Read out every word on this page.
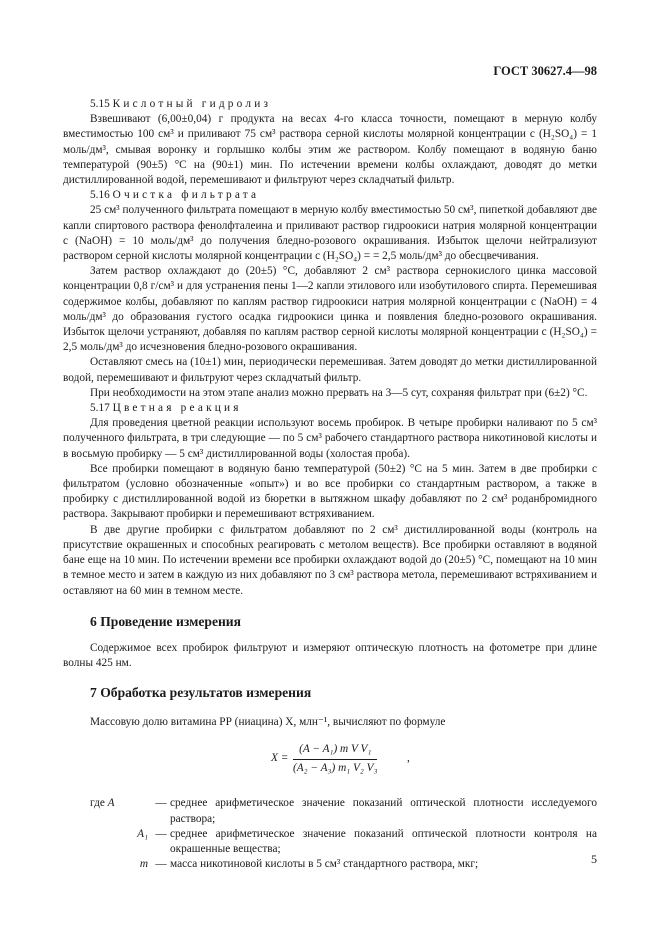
ГОСТ 30627.4—98

5.15 Кислотный гидролиз

Взвешивают (6,00±0,04) г продукта на весах 4-го класса точности, помещают в мерную колбу вместимостью 100 см³ и приливают 75 см³ раствора серной кислоты молярной концентрации c (H₂SO₄) = 1 моль/дм³, смывая воронку и горлышко колбы этим же раствором. Колбу помещают в водяную баню температурой (90±5) °С на (90±1) мин. По истечении времени колбы охлаждают, доводят до метки дистиллированной водой, перемешивают и фильтруют через складчатый фильтр.

5.16 Очистка фильтрата

25 см³ полученного фильтрата помещают в мерную колбу вместимостью 50 см³, пипеткой добавляют две капли спиртового раствора фенолфталеина и приливают раствор гидроокиси натрия молярной концентрации c (NaOH) = 10 моль/дм³ до получения бледно-розового окрашивания. Избыток щелочи нейтрализуют раствором серной кислоты молярной концентрации c (H₂SO₄) = = 2,5 моль/дм³ до обесцвечивания.

Затем раствор охлаждают до (20±5) °С, добавляют 2 см³ раствора сернокислого цинка массовой концентрации 0,8 г/см³ и для устранения пены 1—2 капли этилового или изобутилового спирта. Перемешивая содержимое колбы, добавляют по каплям раствор гидроокиси натрия молярной концентрации c (NaOH) = 4 моль/дм³ до образования густого осадка гидроокиси цинка и появления бледно-розового окрашивания. Избыток щелочи устраняют, добавляя по каплям раствор серной кислоты молярной концентрации c (H₂SO₄) = 2,5 моль/дм³ до исчезновения бледно-розового окрашивания.

Оставляют смесь на (10±1) мин, периодически перемешивая. Затем доводят до метки дистиллированной водой, перемешивают и фильтруют через складчатый фильтр.

При необходимости на этом этапе анализ можно прервать на 3—5 сут, сохраняя фильтрат при (6±2) °С.

5.17 Цветная реакция

Для проведения цветной реакции используют восемь пробирок. В четыре пробирки наливают по 5 см³ полученного фильтрата, в три следующие — по 5 см³ рабочего стандартного раствора никотиновой кислоты и в восьмую пробирку — 5 см³ дистиллированной воды (холостая проба).

Все пробирки помещают в водяную баню температурой (50±2) °С на 5 мин. Затем в две пробирки с фильтратом (условно обозначенные «опыт») и во все пробирки со стандартным раствором, а также в пробирку с дистиллированной водой из бюретки в вытяжном шкафу добавляют по 2 см³ роданбромидного раствора. Закрывают пробирки и перемешивают встряхиванием.

В две другие пробирки с фильтратом добавляют по 2 см³ дистиллированной воды (контроль на присутствие окрашенных и способных реагировать с метолом веществ). Все пробирки оставляют в водяной бане еще на 10 мин. По истечении времени все пробирки охлаждают водой до (20±5) °С, помещают на 10 мин в темное место и затем в каждую из них добавляют по 3 см³ раствора метола, перемешивают встряхиванием и оставляют на 60 мин в темном месте.

6 Проведение измерения

Содержимое всех пробирок фильтруют и измеряют оптическую плотность на фотометре при длине волны 425 нм.

7 Обработка результатов измерения

Массовую долю витамина РР (ниацина) X, млн⁻¹, вычисляют по формуле

$X = \frac{\text{(A − A₁) m V V₁}}{\text{(A₂ − A₃) m₁ V₂ V₃}}$	,
где A	— среднее арифметическое значение показаний оптической плотности исследуемого раствора;
A₁ — среднее арифметическое значение показаний оптической плотности контроля на окрашенные вещества;
m — масса никотиновой кислоты в 5 см³ стандартного раствора, мкг;	5
